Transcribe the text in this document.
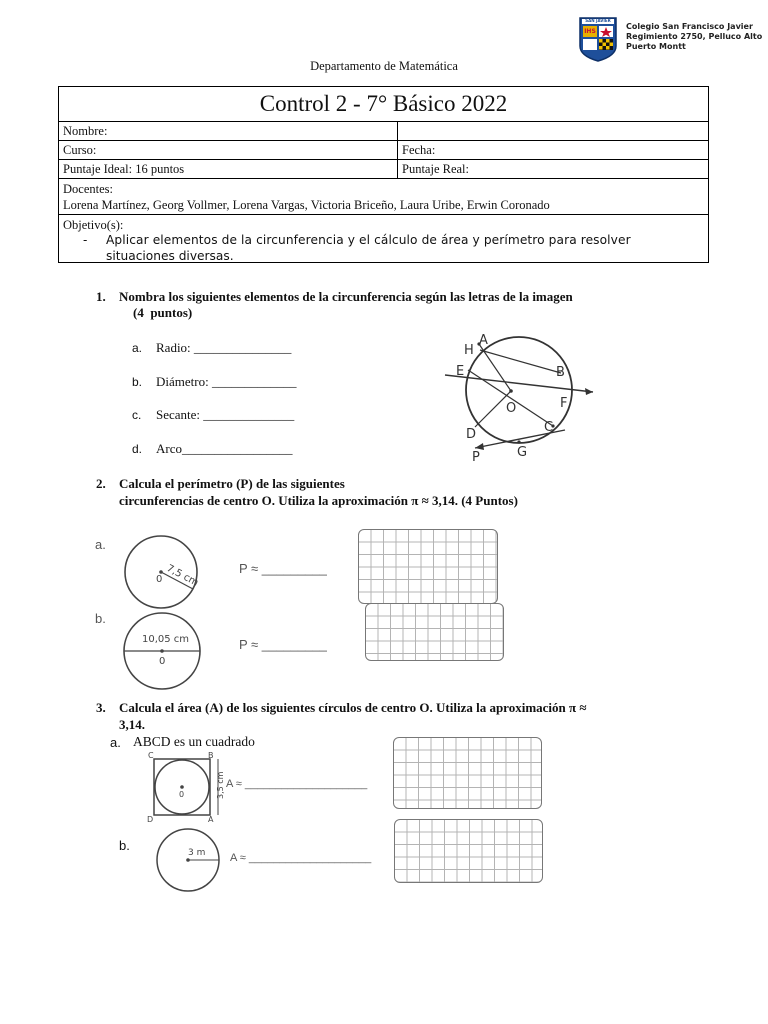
SAN JAVIER
IHS
Colegio San Francisco Javier
Regimiento 2750, Pelluco Alto
Puerto Montt
Departamento de Matemática
Control 2 - 7° Básico 2022
Nombre:
Curso:	Fecha:
Puntaje Ideal: 16 puntos	Puntaje Real:
Docentes:
Lorena Martínez, Georg Vollmer, Lorena Vargas, Victoria Briceño, Laura Uribe, Erwin Coronado
Objetivo(s):
- Aplicar elementos de la circunferencia y el cálculo de área y perímetro para resolver
situaciones diversas.
1. Nombra los siguientes elementos de la circunferencia según las letras de la imagen
(4  puntos)
a. Radio: _______________
b. Diámetro: _____________
c. Secante: ______________
d. Arco_________________
A
H
E	B
O	F
D	C
G
P
2. Calcula el perímetro (P) de las siguientes
circunferencias de centro O. Utiliza la aproximación π ≈ 3,14. (4 Puntos)
a.
0 7,5 cm	P ≈ _________
b.
10,05 cm
0
P ≈ _________
3. Calcula el área (A) de los siguientes círculos de centro O. Utiliza la aproximación π ≈
3,14.
a. ABCD es un cuadrado
C	B
D	A
0	3,5 cm A ≈ ____________________
b.	3 m A ≈ ____________________
